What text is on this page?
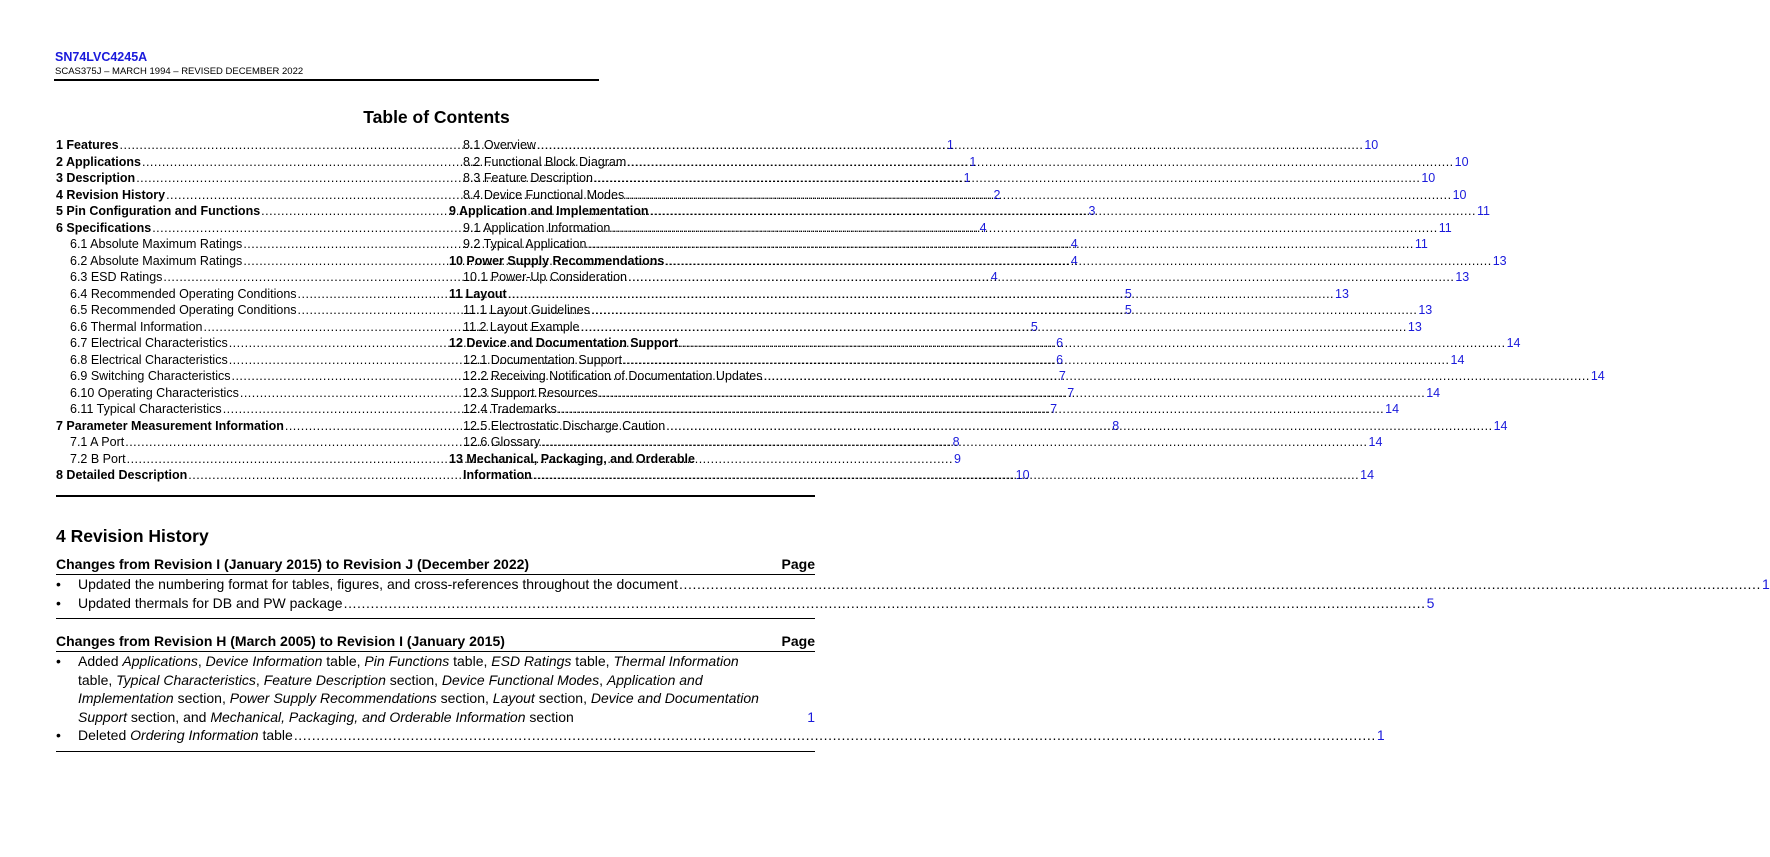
SN74LVC4245A
SCAS375J – MARCH 1994 – REVISED DECEMBER 2022
Table of Contents
1 Features .....	1
2 Applications .....	1
3 Description .....	1
4 Revision History .....	2
5 Pin Configuration and Functions .....	3
6 Specifications .....	4
6.1 Absolute Maximum Ratings .....	4
6.2 Absolute Maximum Ratings .....	4
6.3 ESD Ratings .....	4
6.4 Recommended Operating Conditions .....	5
6.5 Recommended Operating Conditions .....	5
6.6 Thermal Information .....	5
6.7 Electrical Characteristics .....	6
6.8 Electrical Characteristics .....	6
6.9 Switching Characteristics .....	7
6.10 Operating Characteristics .....	7
6.11 Typical Characteristics .....	7
7 Parameter Measurement Information .....	8
7.1 A Port .....	8
7.2 B Port .....	9
8 Detailed Description .....	10
8.1 Overview .....	10
8.2 Functional Block Diagram .....	10
8.3 Feature Description .....	10
8.4 Device Functional Modes .....	10
9 Application and Implementation .....	11
9.1 Application Information .....	11
9.2 Typical Application .....	11
10 Power Supply Recommendations .....	13
10.1 Power-Up Consideration .....	13
11 Layout .....	13
11.1 Layout Guidelines .....	13
11.2 Layout Example .....	13
12 Device and Documentation Support .....	14
12.1 Documentation Support .....	14
12.2 Receiving Notification of Documentation Updates .....	14
12.3 Support Resources .....	14
12.4 Trademarks .....	14
12.5 Electrostatic Discharge Caution .....	14
12.6 Glossary .....	14
13 Mechanical, Packaging, and Orderable
Information .....	14
4 Revision History
Changes from Revision I (January 2015) to Revision J (December 2022)	Page
• Updated the numbering format for tables, figures, and cross-references throughout the document .....	1
• Updated thermals for DB and PW package .....	5
Changes from Revision H (March 2005) to Revision I (January 2015)	Page
• Added Applications, Device Information table, Pin Functions table, ESD Ratings table, Thermal Information table, Typical Characteristics, Feature Description section, Device Functional Modes, Application and Implementation section, Power Supply Recommendations section, Layout section, Device and Documentation Support section, and Mechanical, Packaging, and Orderable Information section	1
• Deleted Ordering Information table .....	1
